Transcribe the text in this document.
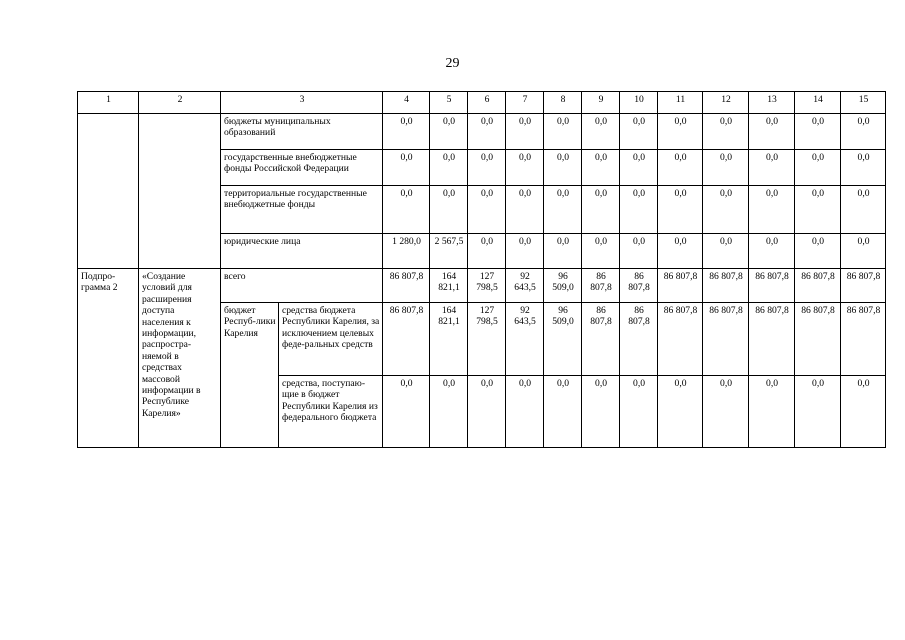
29
1	2	3		4	5	6	7	8	9	10	11	12	13	14	15
		бюджеты муниципальных образований		0,0	0,0	0,0	0,0	0,0	0,0	0,0	0,0	0,0	0,0	0,0	0,0
		государственные внебюджетные фонды Российской Федерации		0,0	0,0	0,0	0,0	0,0	0,0	0,0	0,0	0,0	0,0	0,0	0,0
		территориальные государственные внебюджетные фонды		0,0	0,0	0,0	0,0	0,0	0,0	0,0	0,0	0,0	0,0	0,0	0,0
		юридические лица		1 280,0	2 567,5	0,0	0,0	0,0	0,0	0,0	0,0	0,0	0,0	0,0	0,0
Подпро-грамма 2	«Создание условий для расширения доступа населения к информации, распростра-няемой в средствах массовой информации в Республике Карелия»	всего		86 807,8	164 821,1	127 798,5	92 643,5	96 509,0	86 807,8	86 807,8	86 807,8	86 807,8	86 807,8	86 807,8	86 807,8
		бюджет Респуб-лики Карелия	средства бюджета Республики Карелия, за исключением целевых феде-ральных средств	86 807,8	164 821,1	127 798,5	92 643,5	96 509,0	86 807,8	86 807,8	86 807,8	86 807,8	86 807,8	86 807,8	86 807,8
			средства, поступаю-щие в бюджет Республики Карелия из федерального бюджета	0,0	0,0	0,0	0,0	0,0	0,0	0,0	0,0	0,0	0,0	0,0	0,0
